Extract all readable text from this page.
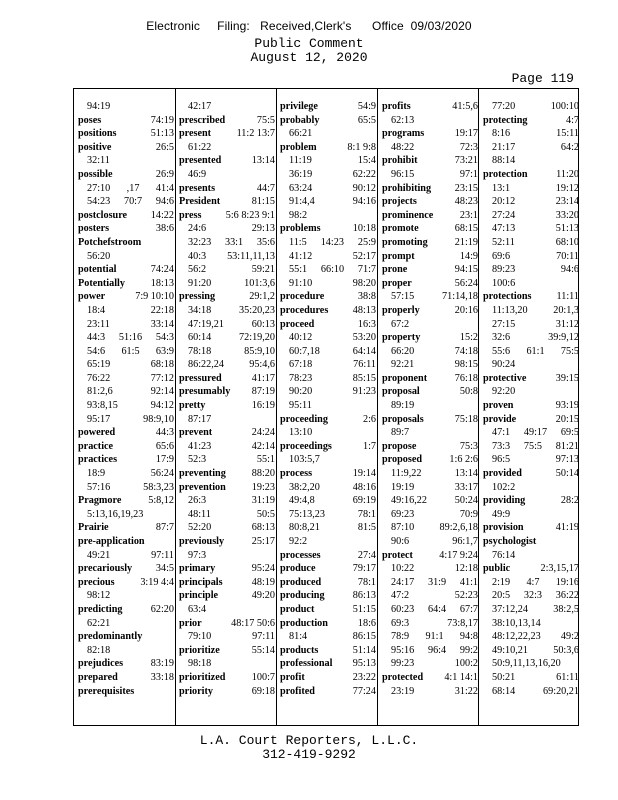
Electronic     Filing:   Received,Clerk's      Office  09/03/2020
Public Comment
August 12, 2020
Page 119
94:19
poses	74:19
positions	51:13
positive	26:5
32:11
possible	26:9
27:10 ,17 41:4
54:23 70:7 94:6
postclosure	14:22
posters	38:6
Potchefstroom
56:20
potential	74:24
Potentially	18:13
power	7:9 10:10
18:4 22:18
23:11 33:14
44:3 51:16 54:3
54:6 61:5 63:9
65:19 68:18
76:22 77:12
81:2,6 92:14
93:8,15 94:12
95:17 98:9,10
powered	44:3
practice	65:6
practices	17:9
18:9 56:24
57:16 58:3,23
Pragmore	5:8,12
5:13,16,19,23
Prairie	87:7
pre-application
49:21 97:11
precariously	34:5
precious	3:19 4:4
98:12
predicting	62:20
62:21
predominantly
82:18
prejudices	83:19
prepared	33:18
prerequisites
42:17
prescribed	75:5
present	11:2 13:7
61:22
presented	13:14
46:9
presents	44:7
President	81:15
press	5:6 8:23 9:1
24:6 29:13
32:23 33:1 35:6
40:3 53:11,11,13
56:2 59:21
91:20 101:3,6
pressing	29:1,2
34:18 35:20,23
47:19,21 60:13
60:14 72:19,20
78:18 85:9,10
86:22,24 95:4,6
pressured	41:17
presumably	87:19
pretty	16:19
87:17
prevent	24:24
41:23 42:14
52:3 55:1
preventing	88:20
prevention	19:23
26:3 31:19
48:11 50:5
52:20 68:13
previously	25:17
97:3
primary	95:24
principals	48:19
principle	49:20
63:4
prior	48:17 50:6
79:10 97:11
prioritize	55:14
98:18
prioritized	100:7
priority	69:18
privilege	54:9
probably	65:5
66:21
problem	8:1 9:8
11:19 15:4
36:19 62:22
63:24 90:12
91:4,4 94:16
98:2
problems	10:18
11:5 14:23 25:9
41:12 52:17
55:1 66:10 71:7
91:10 98:20
procedure	38:8
procedures	48:13
proceed	16:3
40:12 53:20
60:7,18 64:14
67:18 76:11
78:23 85:15
90:20 91:23
95:11
proceeding	2:6
13:10
proceedings	1:7
103:5,7
process	19:14
38:2,20 48:16
49:4,8 69:19
75:13,23 78:1
80:8,21 81:5
92:2
processes	27:4
produce	79:17
produced	78:1
producing	86:13
product	51:15
production	18:6
81:4 86:15
products	51:14
professional	95:13
profit	23:22
profited	77:24
profits	41:5,6
62:13
programs	19:17
48:22 72:3
prohibit	73:21
96:15 97:1
prohibiting	23:15
projects	48:23
prominence	23:1
promote	68:15
promoting	21:19
prompt	14:9
prone	94:15
proper	56:24
57:15 71:14,18
properly	20:16
67:2
property	15:2
66:20 74:18
92:21 98:15
proponent	76:18
proposal	50:8
89:19
proposals	75:18
89:7
propose	75:3
proposed	1:6 2:6
11:9,22 13:14
19:19 33:17
49:16,22 50:24
69:23 70:9
87:10 89:2,6,18
90:6 96:1,7
protect	4:17 9:24
10:22 12:18
24:17 31:9 41:1
47:2 52:23
60:23 64:4 67:7
69:3 73:8,17
78:9 91:1 94:8
95:16 96:4 99:2
99:23 100:2
protected	4:1 14:1
23:19 31:22
77:20 100:10
protecting	4:7
8:16 15:11
21:17 64:2
88:14
protection	11:20
13:1 19:12
20:12 23:14
27:24 33:20
47:13 51:13
52:11 68:10
69:6 70:11
89:23 94:6
100:6
protections	11:11
11:13,20 20:1,3
27:15 31:12
32:6 39:9,12
55:6 61:1 75:5
90:24
protective	39:15
92:20
proven	93:19
provide	20:15
47:1 49:17 69:5
73:3 75:5 81:21
96:5 97:13
provided	50:14
102:2
providing	28:2
49:9
provision	41:19
psychologist
76:14
public	2:3,15,17
2:19 4:7 19:16
20:5 32:3 36:22
37:12,24 38:2,5
38:10,13,14
48:12,22,23 49:2
49:10,21 50:3,6
50:9,11,13,16,20
50:21 61:11
68:14 69:20,21
L.A. Court Reporters, L.L.C.
312-419-9292
